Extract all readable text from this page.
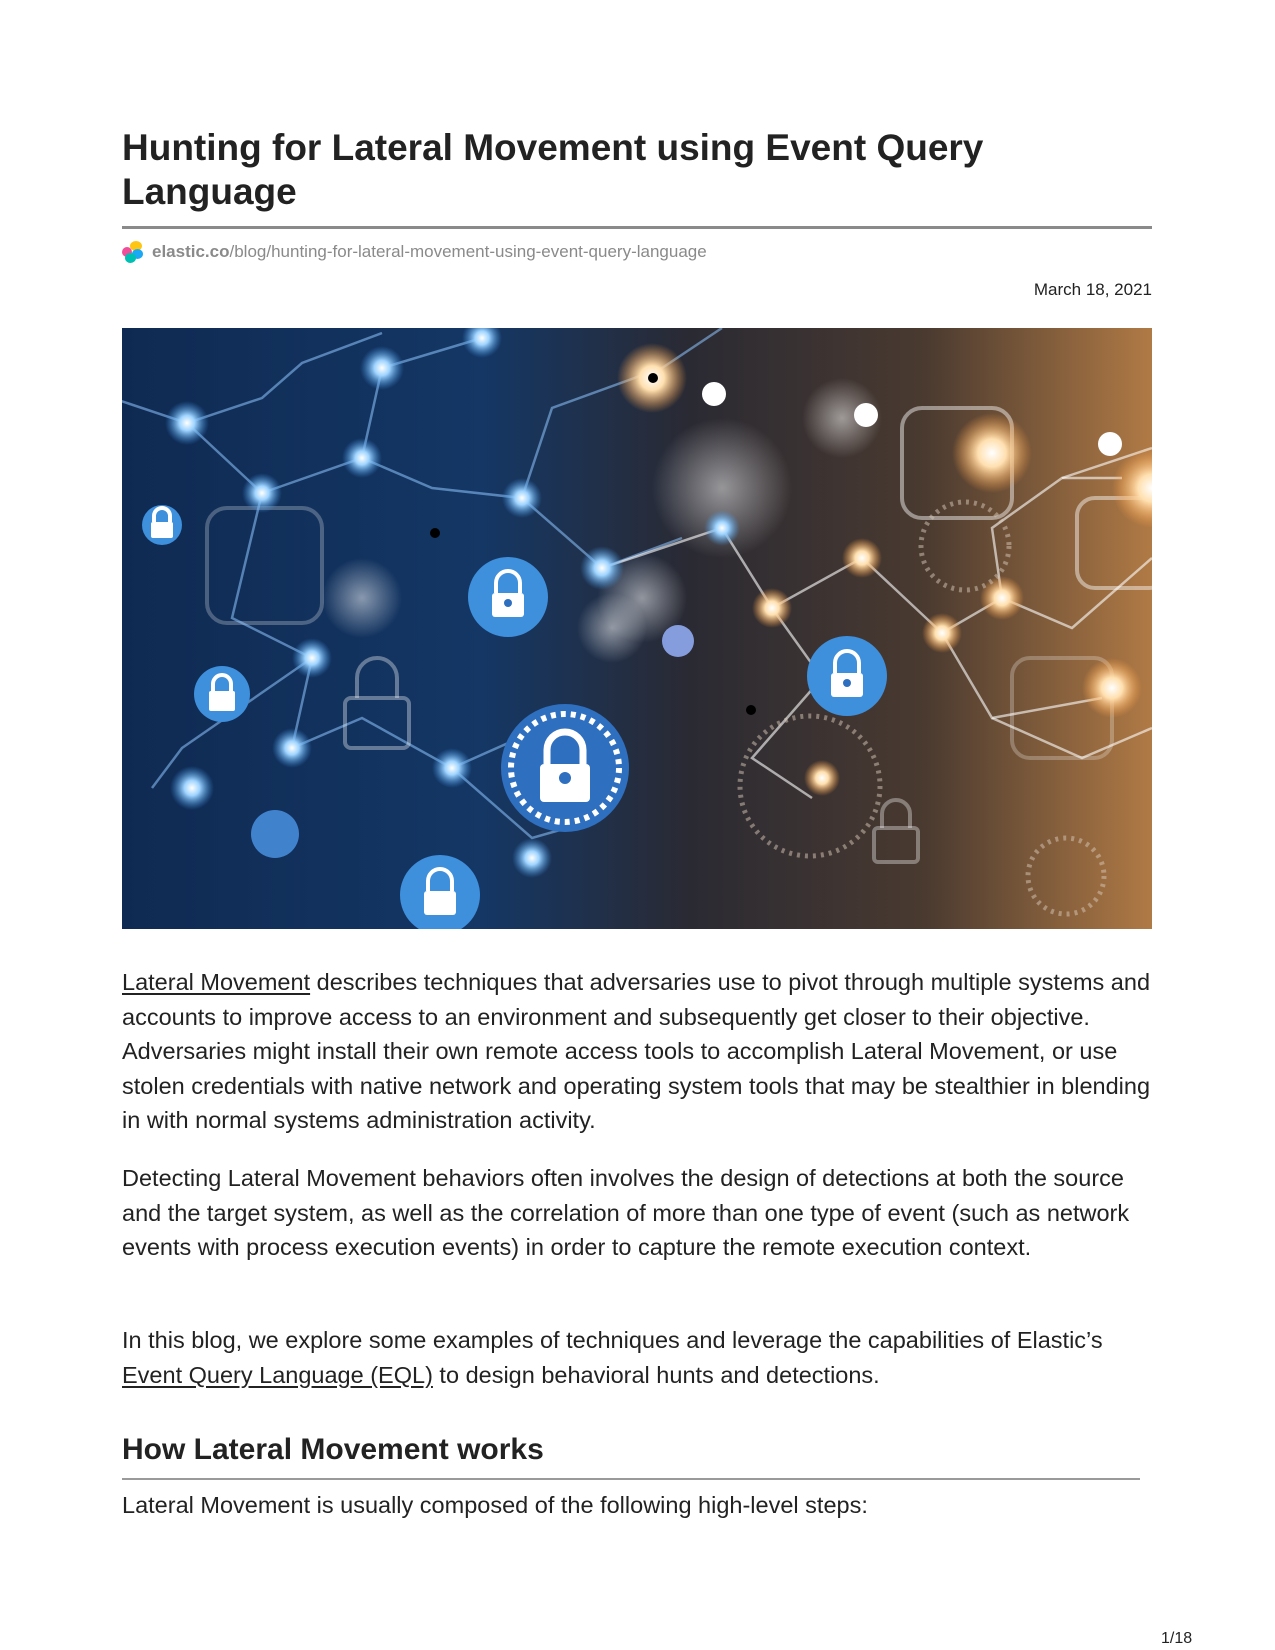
Hunting for Lateral Movement using Event Query Language
elastic.co /blog/hunting-for-lateral-movement-using-event-query-language
March 18, 2021

Lateral Movement describes techniques that adversaries use to pivot through multiple systems and accounts to improve access to an environment and subsequently get closer to their objective. Adversaries might install their own remote access tools to accomplish Lateral Movement, or use stolen credentials with native network and operating system tools that may be stealthier in blending in with normal systems administration activity.

Detecting Lateral Movement behaviors often involves the design of detections at both the source and the target system, as well as the correlation of more than one type of event (such as network events with process execution events) in order to capture the remote execution context.

In this blog, we explore some examples of techniques and leverage the capabilities of Elastic’s Event Query Language (EQL) to design behavioral hunts and detections.

How Lateral Movement works

Lateral Movement is usually composed of the following high-level steps:

1/18
